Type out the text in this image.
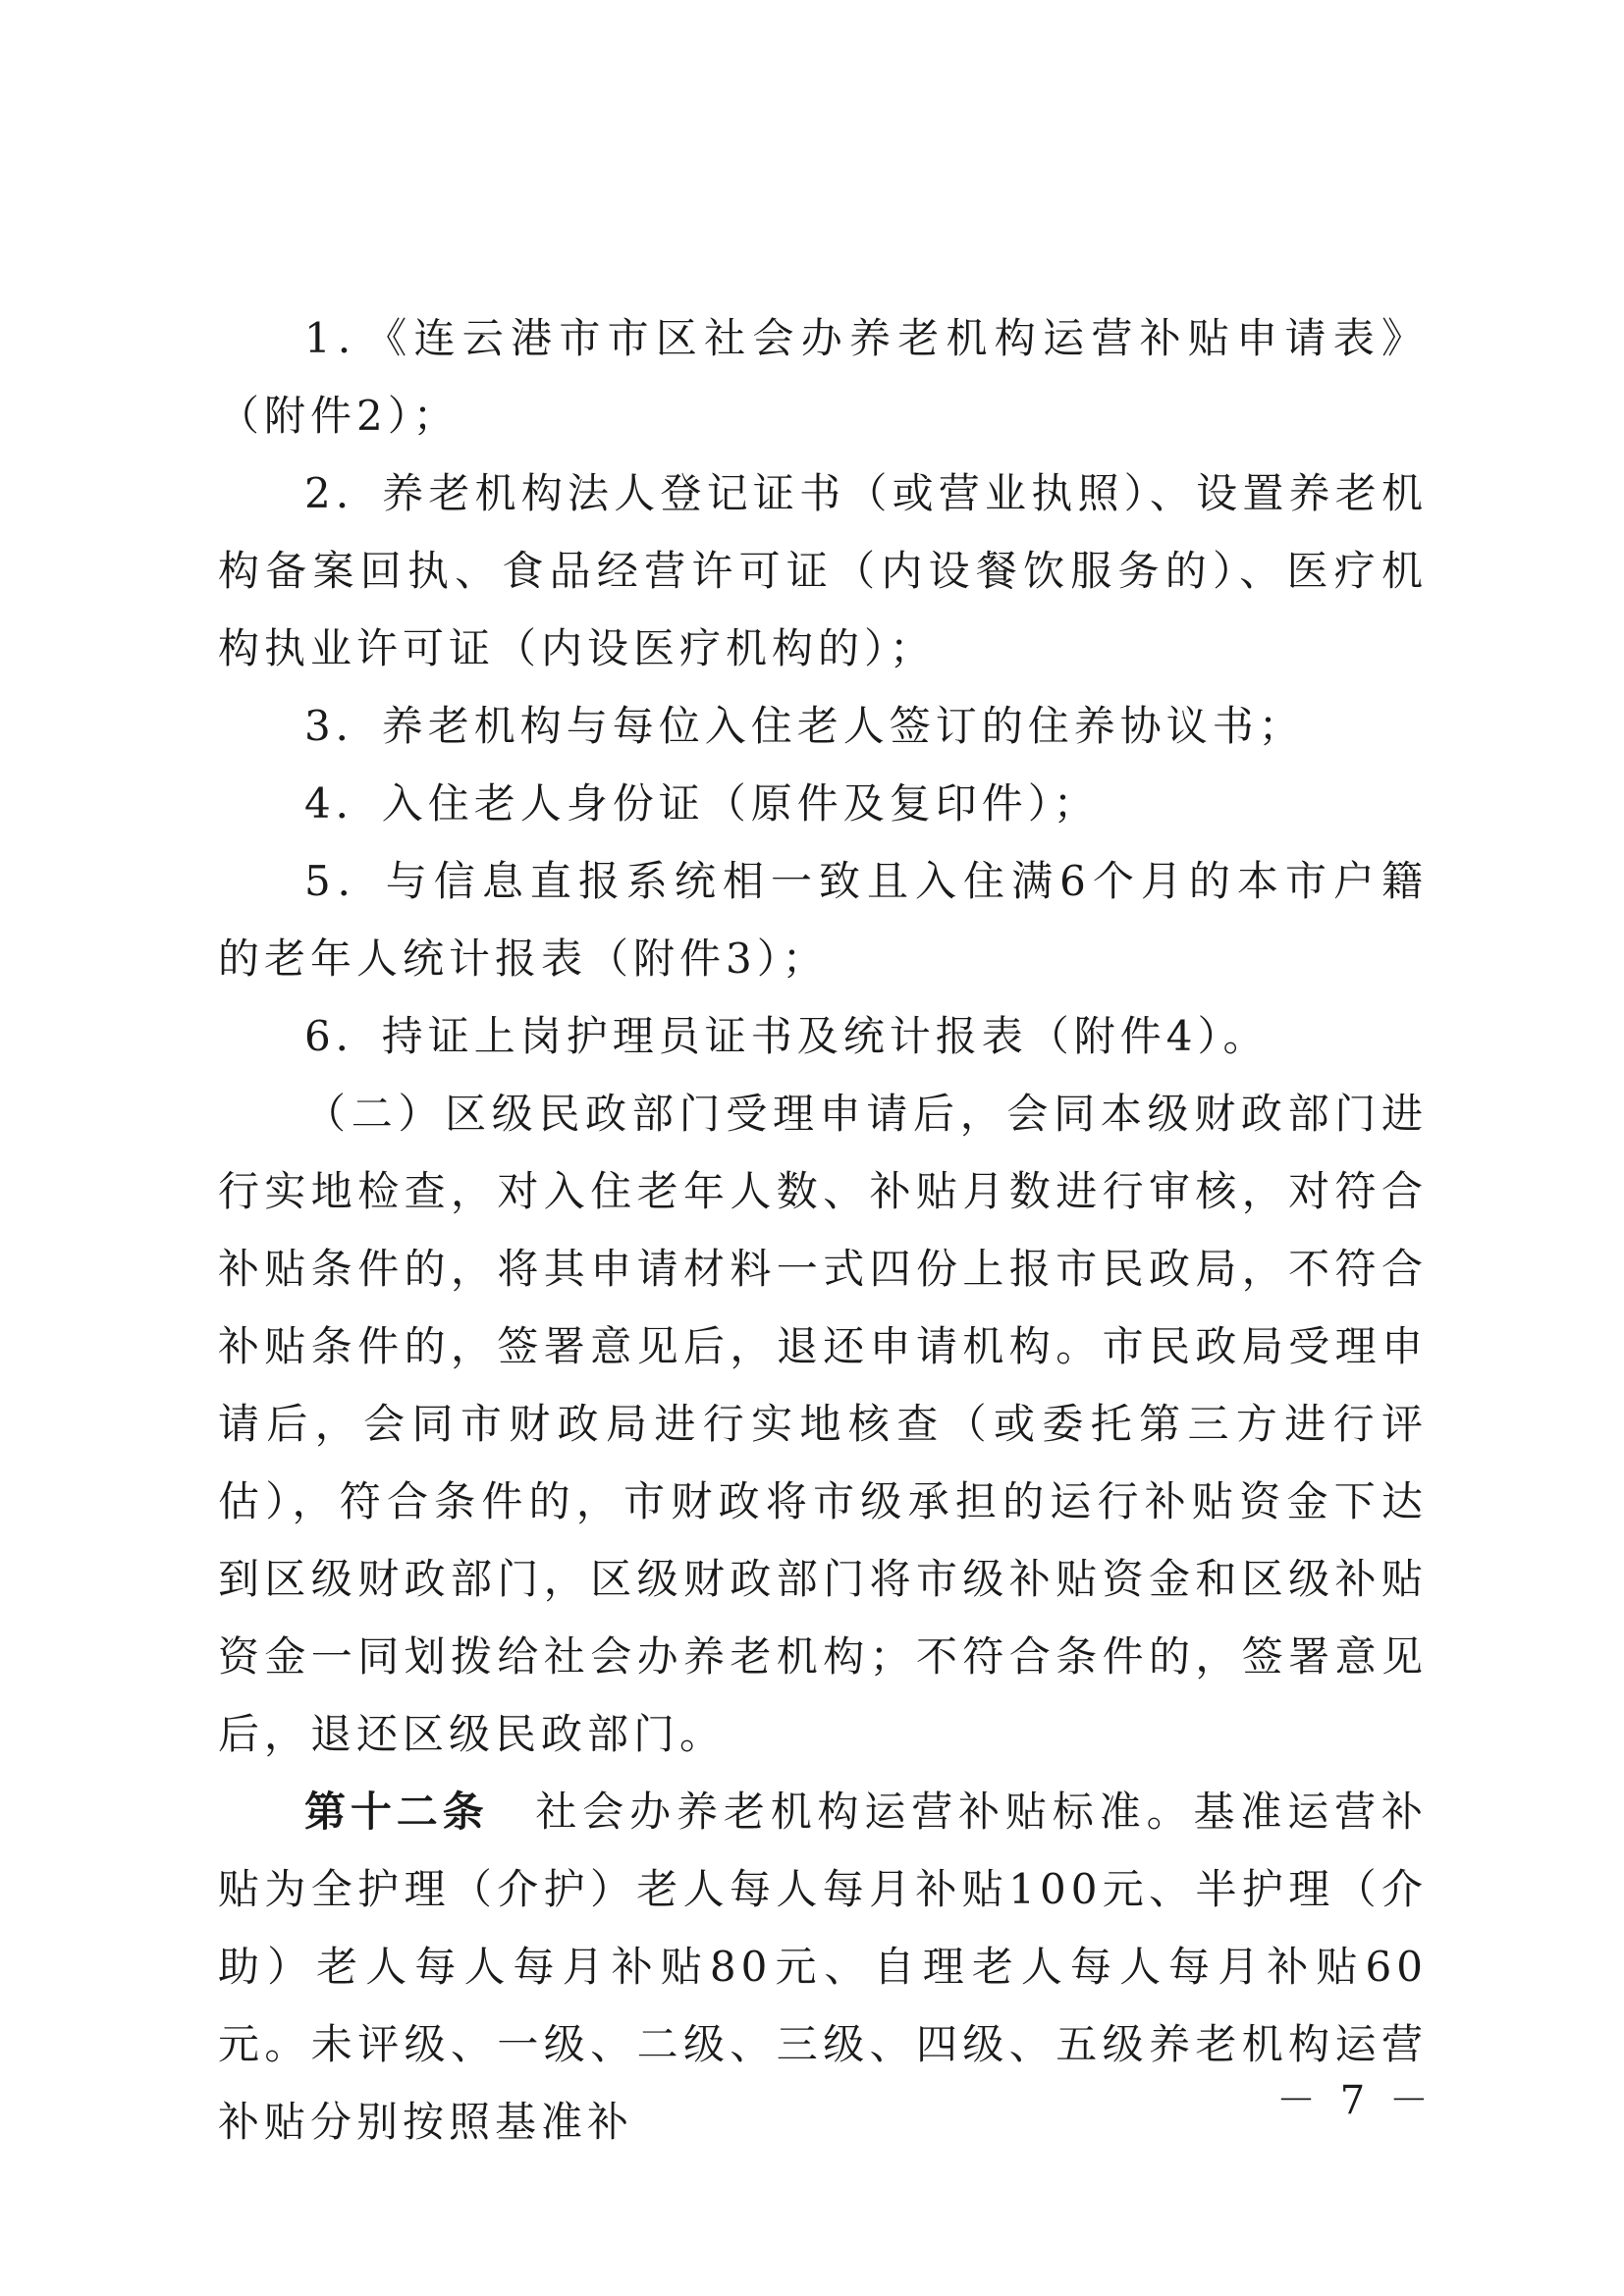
1．《连云港市市区社会办养老机构运营补贴申请表》（附件2）；

2．养老机构法人登记证书（或营业执照）、设置养老机构备案回执、食品经营许可证（内设餐饮服务的）、医疗机构执业许可证（内设医疗机构的）；

3．养老机构与每位入住老人签订的住养协议书；

4．入住老人身份证（原件及复印件）；

5．与信息直报系统相一致且入住满6个月的本市户籍的老年人统计报表（附件3）；

6．持证上岗护理员证书及统计报表（附件4）。

（二）区级民政部门受理申请后，会同本级财政部门进行实地检查，对入住老年人数、补贴月数进行审核，对符合补贴条件的，将其申请材料一式四份上报市民政局，不符合补贴条件的，签署意见后，退还申请机构。市民政局受理申请后，会同市财政局进行实地核查（或委托第三方进行评估），符合条件的，市财政将市级承担的运行补贴资金下达到区级财政部门，区级财政部门将市级补贴资金和区级补贴资金一同划拨给社会办养老机构；不符合条件的，签署意见后，退还区级民政部门。

第十二条　社会办养老机构运营补贴标准。基准运营补贴为全护理（介护）老人每人每月补贴100元、半护理（介助）老人每人每月补贴80元、自理老人每人每月补贴60元。未评级、一级、二级、三级、四级、五级养老机构运营补贴分别按照基准补	－ 7 －
